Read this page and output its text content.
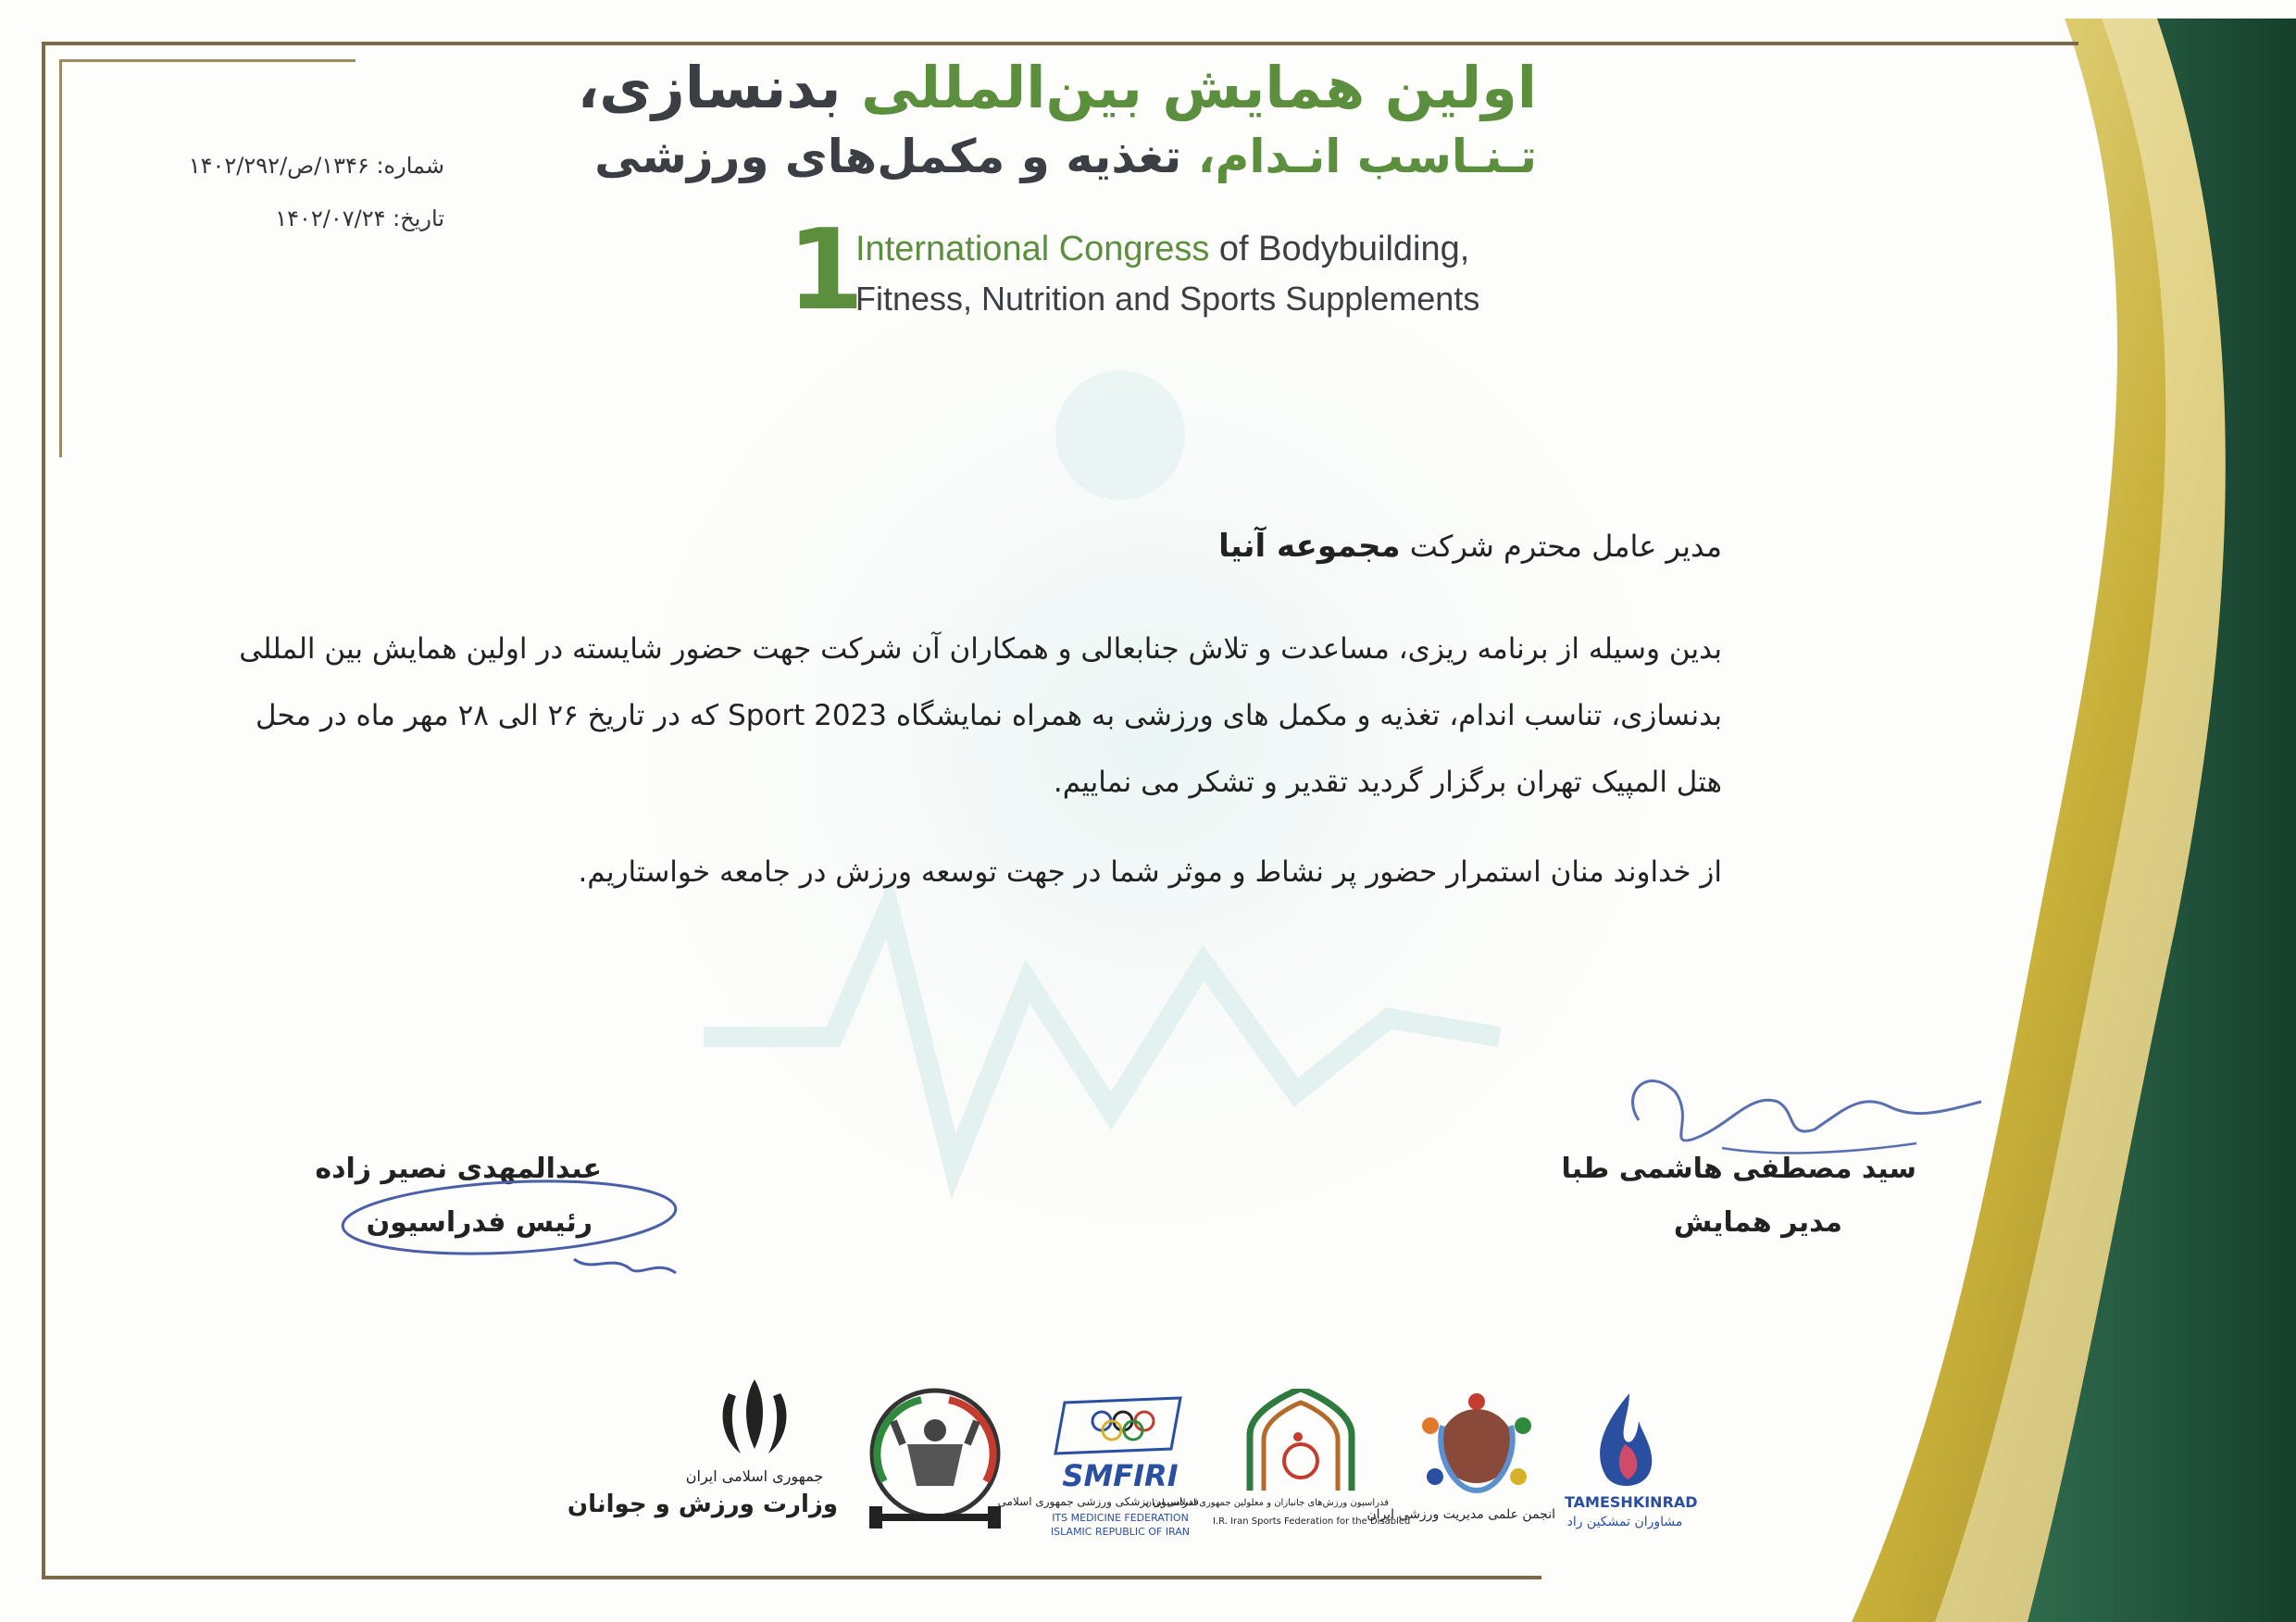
اولین همایش بین‌المللی بدنسازی،
تـنـاسب انـدام، تغذیه و مکمل‌های ورزشی
1
International Congress of Bodybuilding,
Fitness, Nutrition and Sports Supplements
شماره: ۱۳۴۶/ص/۱۴۰۲/۲۹۲
تاریخ: ۱۴۰۲/۰۷/۲۴
مدیر عامل محترم شرکت مجموعه آنیا
بدین وسیله از برنامه ریزی، مساعدت و تلاش جنابعالی و همکاران آن شرکت جهت حضور شایسته در اولین همایش بین المللی بدنسازی، تناسب اندام، تغذیه و مکمل های ورزشی به همراه نمایشگاه Sport 2023 که در تاریخ ۲۶ الی ۲۸ مهر ماه در محل هتل المپیک تهران برگزار گردید تقدیر و تشکر می نماییم.
از خداوند منان استمرار حضور پر نشاط و موثر شما در جهت توسعه ورزش در جامعه خواستاریم.
سید مصطفی هاشمی طبا
مدیر همایش
عبدالمهدی نصیر زاده
رئیس فدراسیون
جمهوری اسلامی ایران
وزارت ورزش و جوانان
IRAN
SMFIRI
فدراسیون پزشکی ورزشی جمهوری اسلامی
ITS MEDICINE FEDERATION
ISLAMIC REPUBLIC OF IRAN
فدراسیون ورزش‌های جانبازان و معلولین جمهوری اسلامی ایران
I.R. Iran Sports Federation for the Disabled
انجمن علمی مدیریت ورزشی ایران
TAMESHKINRAD
مشاوران تمشکین راد
